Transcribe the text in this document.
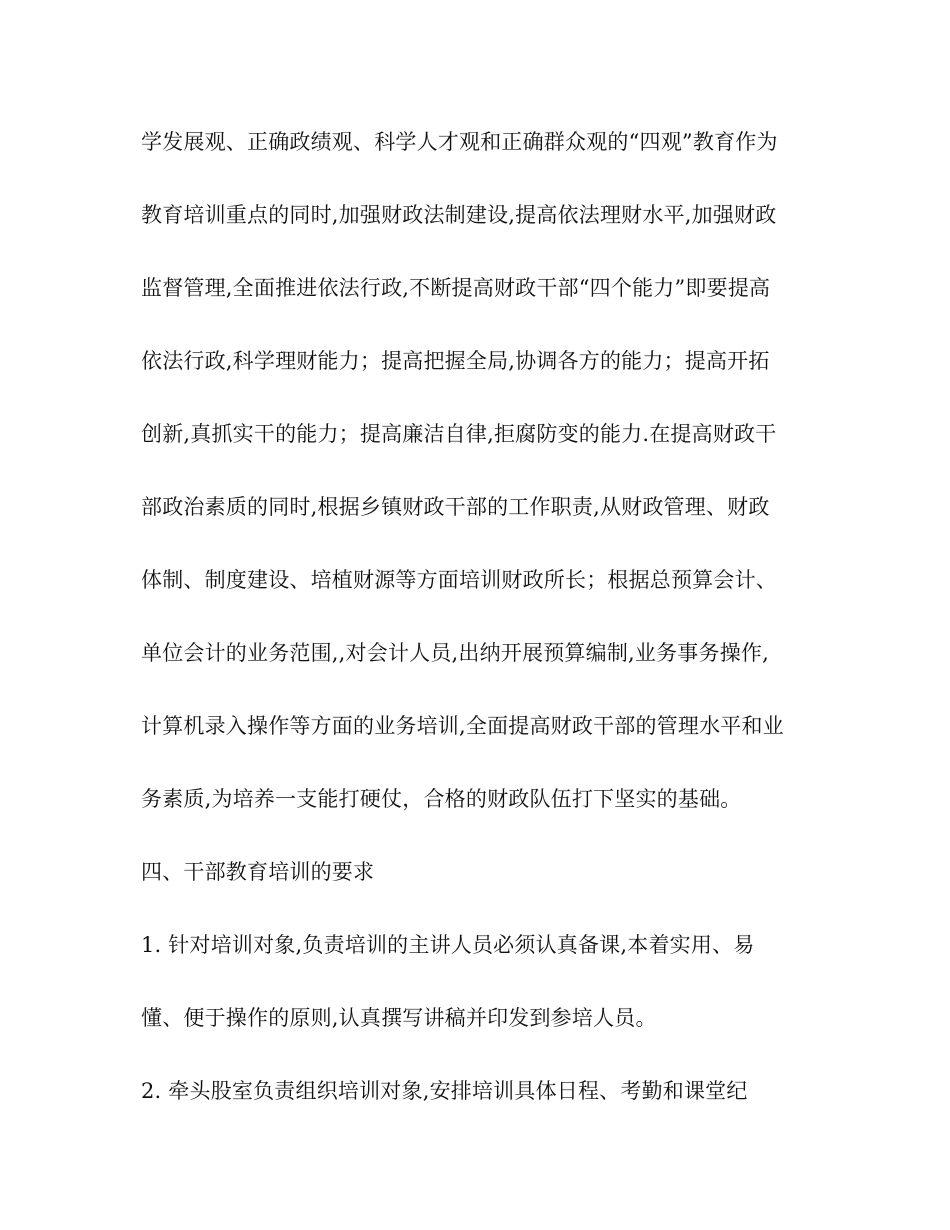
学发展观、正确政绩观、科学人才观和正确群众观的“四观”教育作为
教育培训重点的同时,加强财政法制建设,提高依法理财水平,加强财政
监督管理,全面推进依法行政,不断提高财政干部“四个能力”即要提高
依法行政,科学理财能力；提高把握全局,协调各方的能力；提高开拓
创新,真抓实干的能力；提高廉洁自律,拒腐防变的能力.在提高财政干
部政治素质的同时,根据乡镇财政干部的工作职责,从财政管理、财政
体制、制度建设、培植财源等方面培训财政所长；根据总预算会计、
单位会计的业务范围,,对会计人员,出纳开展预算编制,业务事务操作,
计算机录入操作等方面的业务培训,全面提高财政干部的管理水平和业
务素质,为培养一支能打硬仗，合格的财政队伍打下坚实的基础。
四、干部教育培训的要求
1. 针对培训对象,负责培训的主讲人员必须认真备课,本着实用、易
懂、便于操作的原则,认真撰写讲稿并印发到参培人员。
2. 牵头股室负责组织培训对象,安排培训具体日程、考勤和课堂纪
